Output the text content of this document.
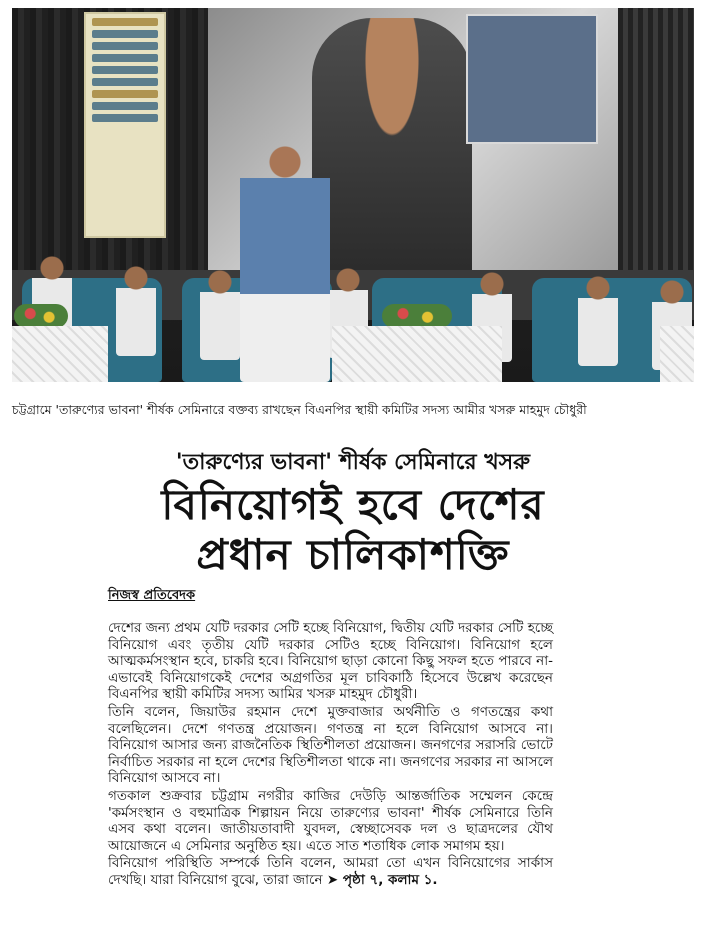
চট্টগ্রামে 'তারুণ্যের ভাবনা' শীর্ষক সেমিনারে বক্তব্য রাখছেন বিএনপির স্থায়ী কমিটির সদস্য আমীর খসরু মাহমুদ চৌধুরী
'তারুণ্যের ভাবনা' শীর্ষক সেমিনারে খসরু
বিনিয়োগই হবে দেশের
প্রধান চালিকাশক্তি
নিজস্ব প্রতিবেদক

দেশের জন্য প্রথম যেটি দরকার সেটি হচ্ছে বিনিয়োগ, দ্বিতীয় যেটি দরকার সেটি হচ্ছে বিনিয়োগ এবং তৃতীয় যেটি দরকার সেটিও হচ্ছে বিনিয়োগ। বিনিয়োগ হলে আত্মকর্মসংস্থান হবে, চাকরি হবে। বিনিয়োগ ছাড়া কোনো কিছু সফল হতে পারবে না-এভাবেই বিনিয়োগকেই দেশের অগ্রগতির মূল চাবিকাঠি হিসেবে উল্লেখ করেছেন বিএনপির স্থায়ী কমিটির সদস্য আমির খসরু মাহমুদ চৌধুরী।

তিনি বলেন, জিয়াউর রহমান দেশে মুক্তবাজার অর্থনীতি ও গণতন্ত্রের কথা বলেছিলেন। দেশে গণতন্ত্র প্রয়োজন। গণতন্ত্র না হলে বিনিয়োগ আসবে না। বিনিয়োগ আসার জন্য রাজনৈতিক স্থিতিশীলতা প্রয়োজন। জনগণের সরাসরি ভোটে নির্বাচিত সরকার না হলে দেশের স্থিতিশীলতা থাকে না। জনগণের সরকার না আসলে বিনিয়োগ আসবে না।

গতকাল শুক্রবার চট্টগ্রাম নগরীর কাজির দেউড়ি আন্তর্জাতিক সম্মেলন কেন্দ্রে 'কর্মসংস্থান ও বহুমাত্রিক শিল্পায়ন নিয়ে তারুণ্যের ভাবনা' শীর্ষক সেমিনারে তিনি এসব কথা বলেন। জাতীয়তাবাদী যুবদল, স্বেচ্ছাসেবক দল ও ছাত্রদলের যৌথ আয়োজনে এ সেমিনার অনুষ্ঠিত হয়। এতে সাত শতাধিক লোক সমাগম হয়।

বিনিয়োগ পরিস্থিতি সম্পর্কে তিনি বলেন, আমরা তো এখন বিনিয়োগের সার্কাস দেখছি। যারা বিনিয়োগ বুঝে, তারা জানে ➤ পৃষ্ঠা ৭, কলাম ১.
